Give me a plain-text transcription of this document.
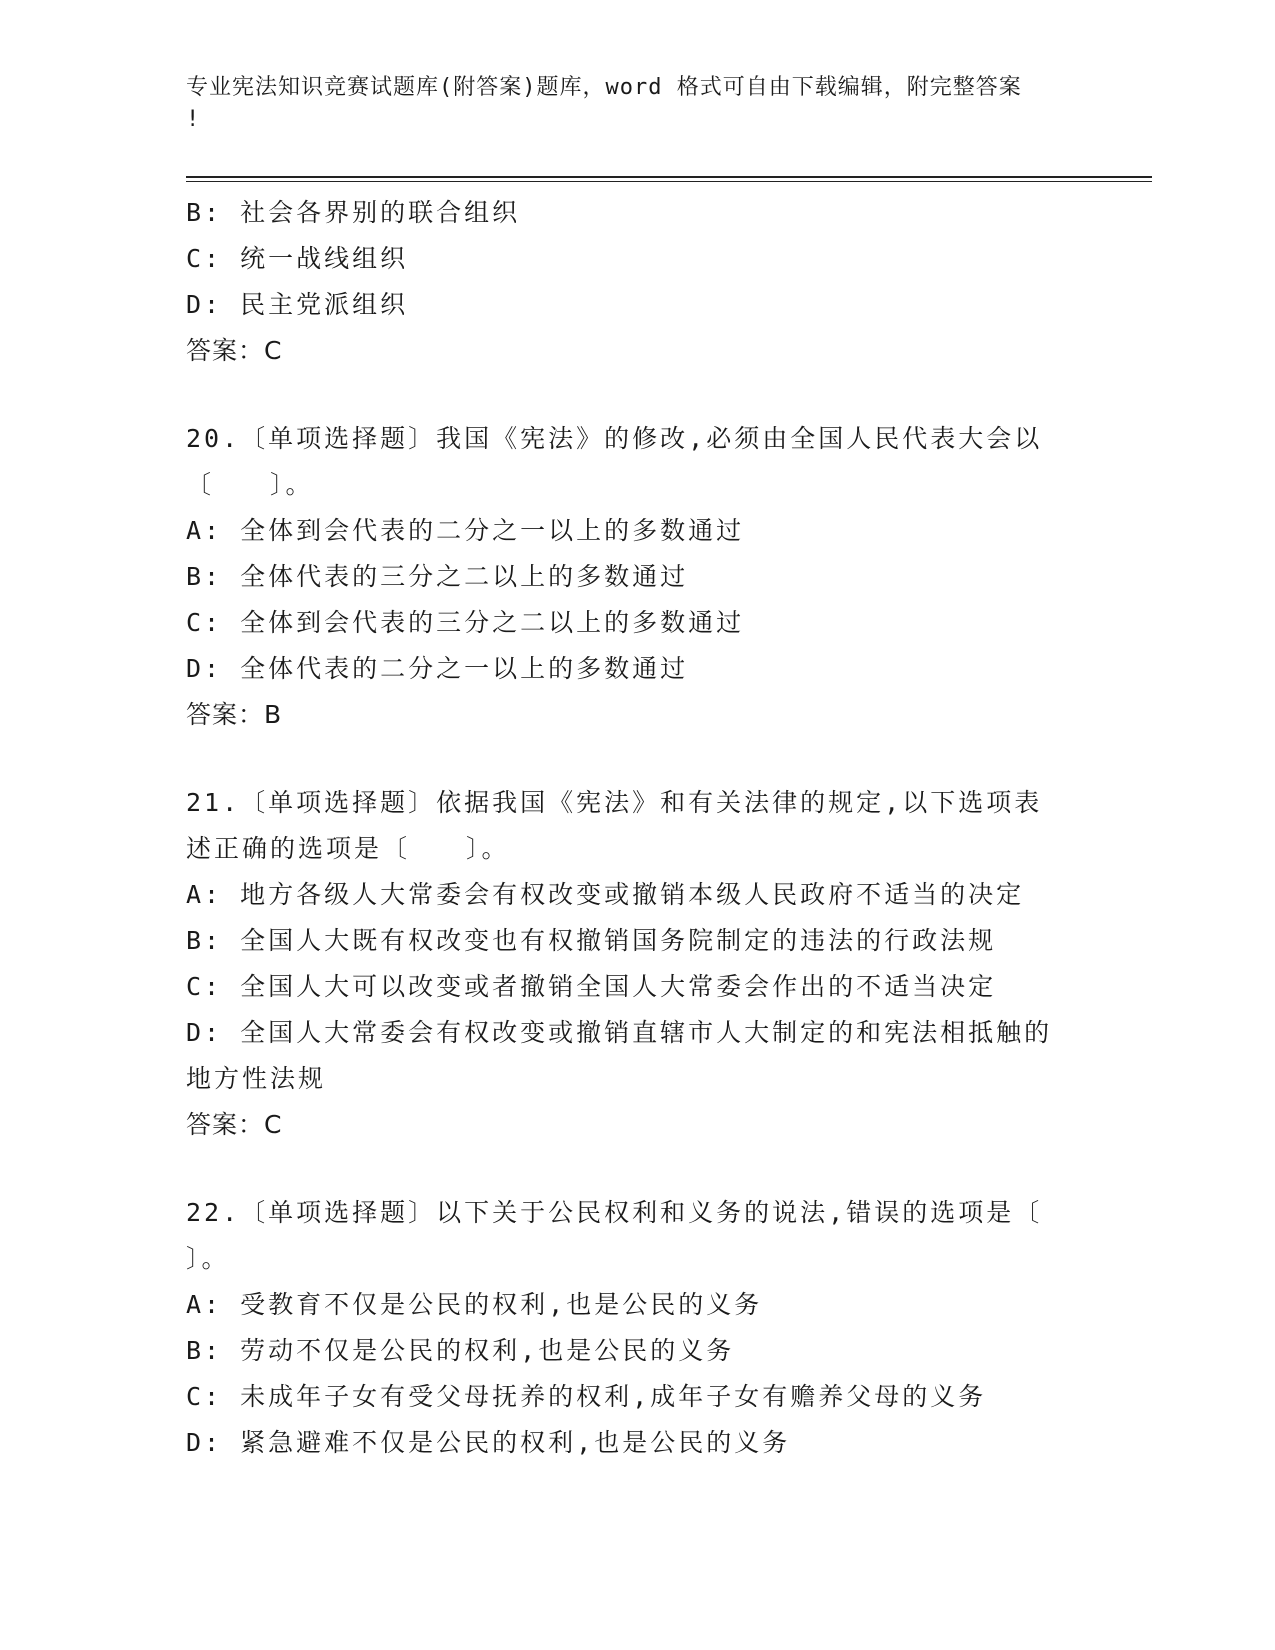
专业宪法知识竞赛试题库(附答案)题库，word 格式可自由下载编辑，附完整答案
!
B: 社会各界别的联合组织
C: 统一战线组织
D: 民主党派组织
答案：C
20.〔单项选择题〕我国《宪法》的修改,必须由全国人民代表大会以
〔　　〕。
A: 全体到会代表的二分之一以上的多数通过
B: 全体代表的三分之二以上的多数通过
C: 全体到会代表的三分之二以上的多数通过
D: 全体代表的二分之一以上的多数通过
答案：B
21.〔单项选择题〕依据我国《宪法》和有关法律的规定,以下选项表
述正确的选项是〔　　〕。
A: 地方各级人大常委会有权改变或撤销本级人民政府不适当的决定
B: 全国人大既有权改变也有权撤销国务院制定的违法的行政法规
C: 全国人大可以改变或者撤销全国人大常委会作出的不适当决定
D: 全国人大常委会有权改变或撤销直辖市人大制定的和宪法相抵触的
地方性法规
答案：C
22.〔单项选择题〕以下关于公民权利和义务的说法,错误的选项是〔
〕。
A: 受教育不仅是公民的权利,也是公民的义务
B: 劳动不仅是公民的权利,也是公民的义务
C: 未成年子女有受父母抚养的权利,成年子女有赡养父母的义务
D: 紧急避难不仅是公民的权利,也是公民的义务
